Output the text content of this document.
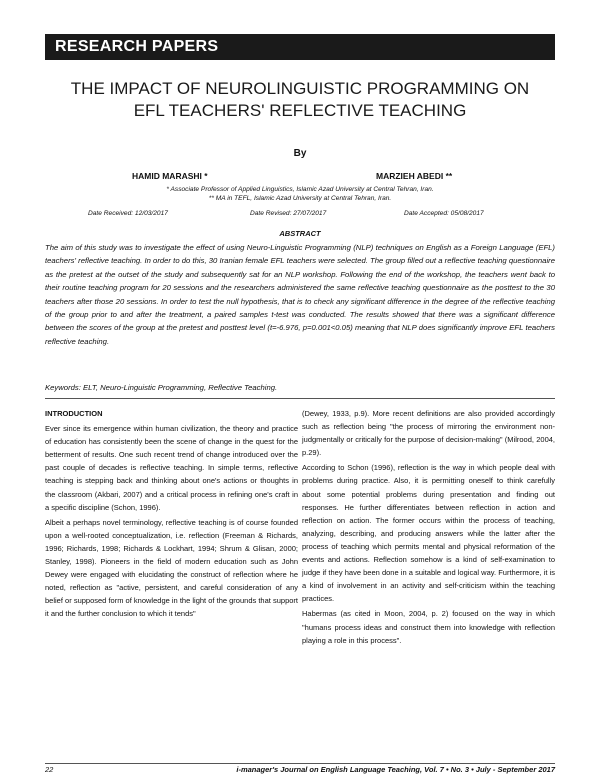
RESEARCH PAPERS
THE IMPACT OF NEUROLINGUISTIC PROGRAMMING ON
EFL TEACHERS' REFLECTIVE TEACHING
By
HAMID MARASHI *	MARZIEH ABEDI **
* Associate Professor of Applied Linguistics, Islamic Azad University at Central Tehran, Iran.
** MA in TEFL, Islamic Azad University at Central Tehran, Iran.
Date Received: 12/03/2017	Date Revised: 27/07/2017	Date Accepted: 05/08/2017
ABSTRACT
The aim of this study was to investigate the effect of using Neuro-Linguistic Programming (NLP) techniques on English as a Foreign Language (EFL) teachers' reflective teaching. In order to do this, 30 Iranian female EFL teachers were selected. The group filled out a reflective teaching questionnaire as the pretest at the outset of the study and subsequently sat for an NLP workshop. Following the end of the workshop, the teachers went back to their routine teaching program for 20 sessions and the researchers administered the same reflective teaching questionnaire as the posttest to the 30 teachers after those 20 sessions. In order to test the null hypothesis, that is to check any significant difference in the degree of the reflective teaching of the group prior to and after the treatment, a paired samples t-test was conducted. The results showed that there was a significant difference between the scores of the group at the pretest and posttest level (t=-6.976, p=0.001<0.05) meaning that NLP does significantly improve EFL teachers reflective teaching.
Keywords: ELT, Neuro-Linguistic Programming, Reflective Teaching.
INTRODUCTION

Ever since its emergence within human civilization, the theory and practice of education has consistently been the scene of change in the quest for the betterment of results. One such recent trend of change introduced over the past couple of decades is reflective teaching. In simple terms, reflective teaching is stepping back and thinking about one's actions or thoughts in the classroom (Akbari, 2007) and a critical process in refining one's craft in a specific discipline (Schon, 1996).

Albeit a perhaps novel terminology, reflective teaching is of course founded upon a well-rooted conceptualization, i.e. reflection (Freeman & Richards, 1996; Richards, 1998; Richards & Lockhart, 1994; Shrum & Glisan, 2000; Stanley, 1998). Pioneers in the field of modern education such as John Dewey were engaged with elucidating the construct of reflection where he noted, reflection as "active, persistent, and careful consideration of any belief or supposed form of knowledge in the light of the grounds that support it and the further conclusion to which it tends"

(Dewey, 1933, p.9). More recent definitions are also provided accordingly such as reflection being "the process of mirroring the environment non-judgmentally or critically for the purpose of decision-making" (Milrood, 2004, p.29).

According to Schon (1996), reflection is the way in which people deal with problems during practice. Also, it is permitting oneself to think carefully about some potential problems during presentation and finding out responses. He further differentiates between reflection in action and reflection on action. The former occurs within the process of teaching, analyzing, describing, and producing answers while the latter after the process of teaching which permits mental and physical reformation of the events and actions. Reflection somehow is a kind of self-examination to judge if they have been done in a suitable and logical way. Furthermore, it is a kind of involvement in an activity and self-criticism within the teaching practices.

Habermas (as cited in Moon, 2004, p. 2) focused on the way in which "humans process ideas and construct them into knowledge with reflection playing a role in this process".

22	i-manager's Journal on English Language Teaching, Vol. 7 • No. 3 • July - September 2017
